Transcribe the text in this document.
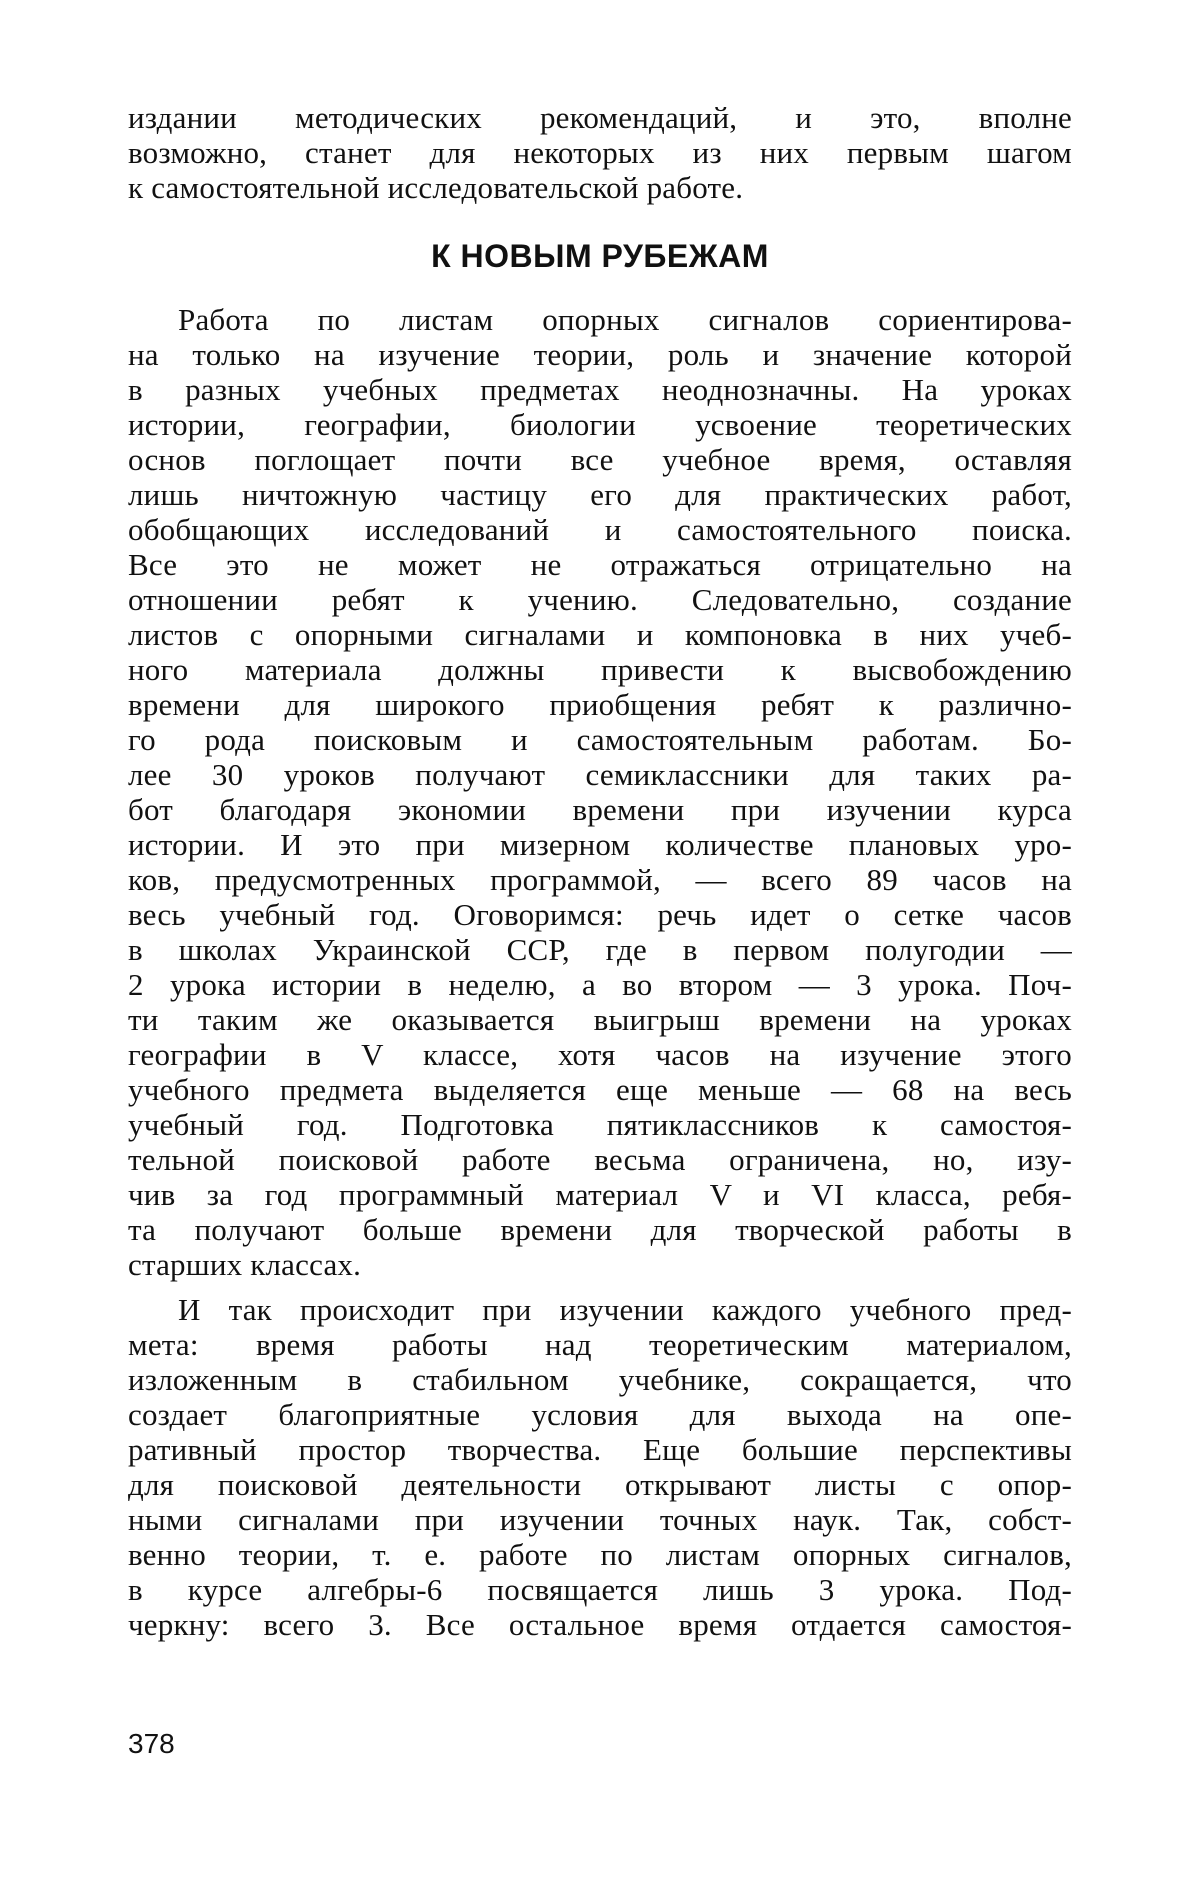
издании методических рекомендаций, и это, вполне
возможно, станет для некоторых из них первым шагом
к самостоятельной исследовательской работе.
К НОВЫМ РУБЕЖАМ
Работа по листам опорных сигналов сориентирова-
на только на изучение теории, роль и значение которой
в разных учебных предметах неоднозначны. На уроках
истории, географии, биологии усвоение теоретических
основ поглощает почти все учебное время, оставляя
лишь ничтожную частицу его для практических работ,
обобщающих исследований и самостоятельного поиска.
Все это не может не отражаться отрицательно на
отношении ребят к учению. Следовательно, создание
листов с опорными сигналами и компоновка в них учеб-
ного материала должны привести к высвобождению
времени для широкого приобщения ребят к различно-
го рода поисковым и самостоятельным работам. Бо-
лее 30 уроков получают семиклассники для таких ра-
бот благодаря экономии времени при изучении курса
истории. И это при мизерном количестве плановых уро-
ков, предусмотренных программой, — всего 89 часов на
весь учебный год. Оговоримся: речь идет о сетке часов
в школах Украинской ССР, где в первом полугодии —
2 урока истории в неделю, а во втором — 3 урока. Поч-
ти таким же оказывается выигрыш времени на уроках
географии в V классе, хотя часов на изучение этого
учебного предмета выделяется еще меньше — 68 на весь
учебный год. Подготовка пятиклассников к самостоя-
тельной поисковой работе весьма ограничена, но, изу-
чив за год программный материал V и VI класса, ребя-
та получают больше времени для творческой работы в
старших классах.
И так происходит при изучении каждого учебного пред-
мета: время работы над теоретическим материалом,
изложенным в стабильном учебнике, сокращается, что
создает благоприятные условия для выхода на опе-
ративный простор творчества. Еще большие перспективы
для поисковой деятельности открывают листы с опор-
ными сигналами при изучении точных наук. Так, собст-
венно теории, т. е. работе по листам опорных сигналов,
в курсе алгебры-6 посвящается лишь 3 урока. Под-
черкну: всего 3. Все остальное время отдается самостоя-
378
